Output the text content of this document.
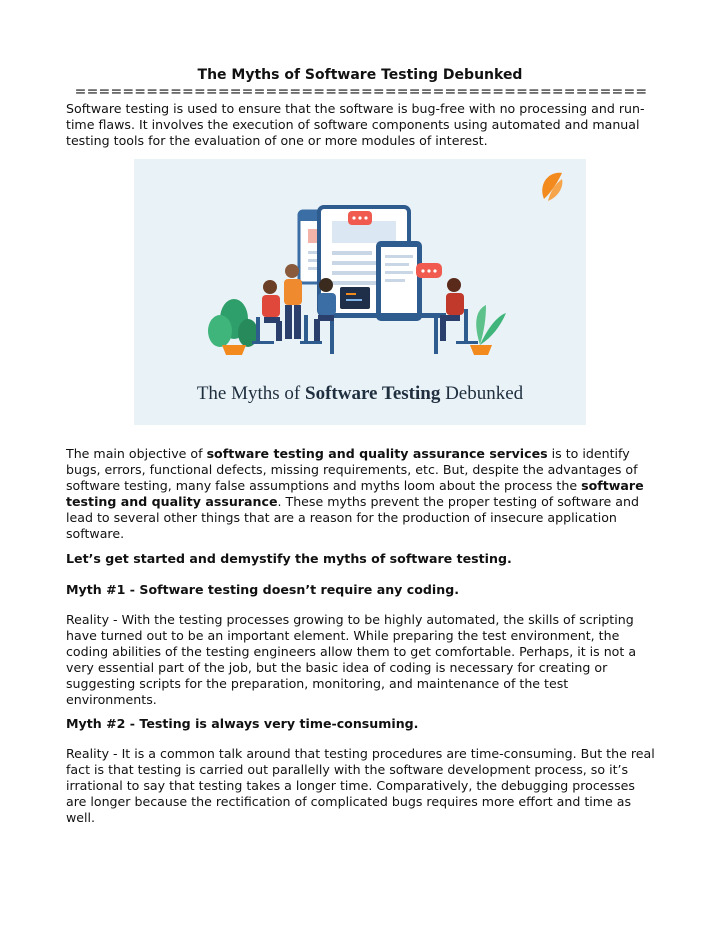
The Myths of Software Testing Debunked
================================================

Software testing is used to ensure that the software is bug-free with no processing and run-time flaws. It involves the execution of software components using automated and manual testing tools for the evaluation of one or more modules of interest.

The Myths of Software Testing Debunked

The main objective of software testing and quality assurance services is to identify bugs, errors, functional defects, missing requirements, etc. But, despite the advantages of software testing, many false assumptions and myths loom about the process the software testing and quality assurance. These myths prevent the proper testing of software and lead to several other things that are a reason for the production of insecure application software.

Let’s get started and demystify the myths of software testing.

Myth #1 - Software testing doesn’t require any coding.

Reality - With the testing processes growing to be highly automated, the skills of scripting have turned out to be an important element. While preparing the test environment, the coding abilities of the testing engineers allow them to get comfortable. Perhaps, it is not a very essential part of the job, but the basic idea of coding is necessary for creating or suggesting scripts for the preparation, monitoring, and maintenance of the test environments.

Myth #2 - Testing is always very time-consuming.

Reality - It is a common talk around that testing procedures are time-consuming. But the real fact is that testing is carried out parallelly with the software development process, so it’s irrational to say that testing takes a longer time. Comparatively, the debugging processes are longer because the rectification of complicated bugs requires more effort and time as well.
